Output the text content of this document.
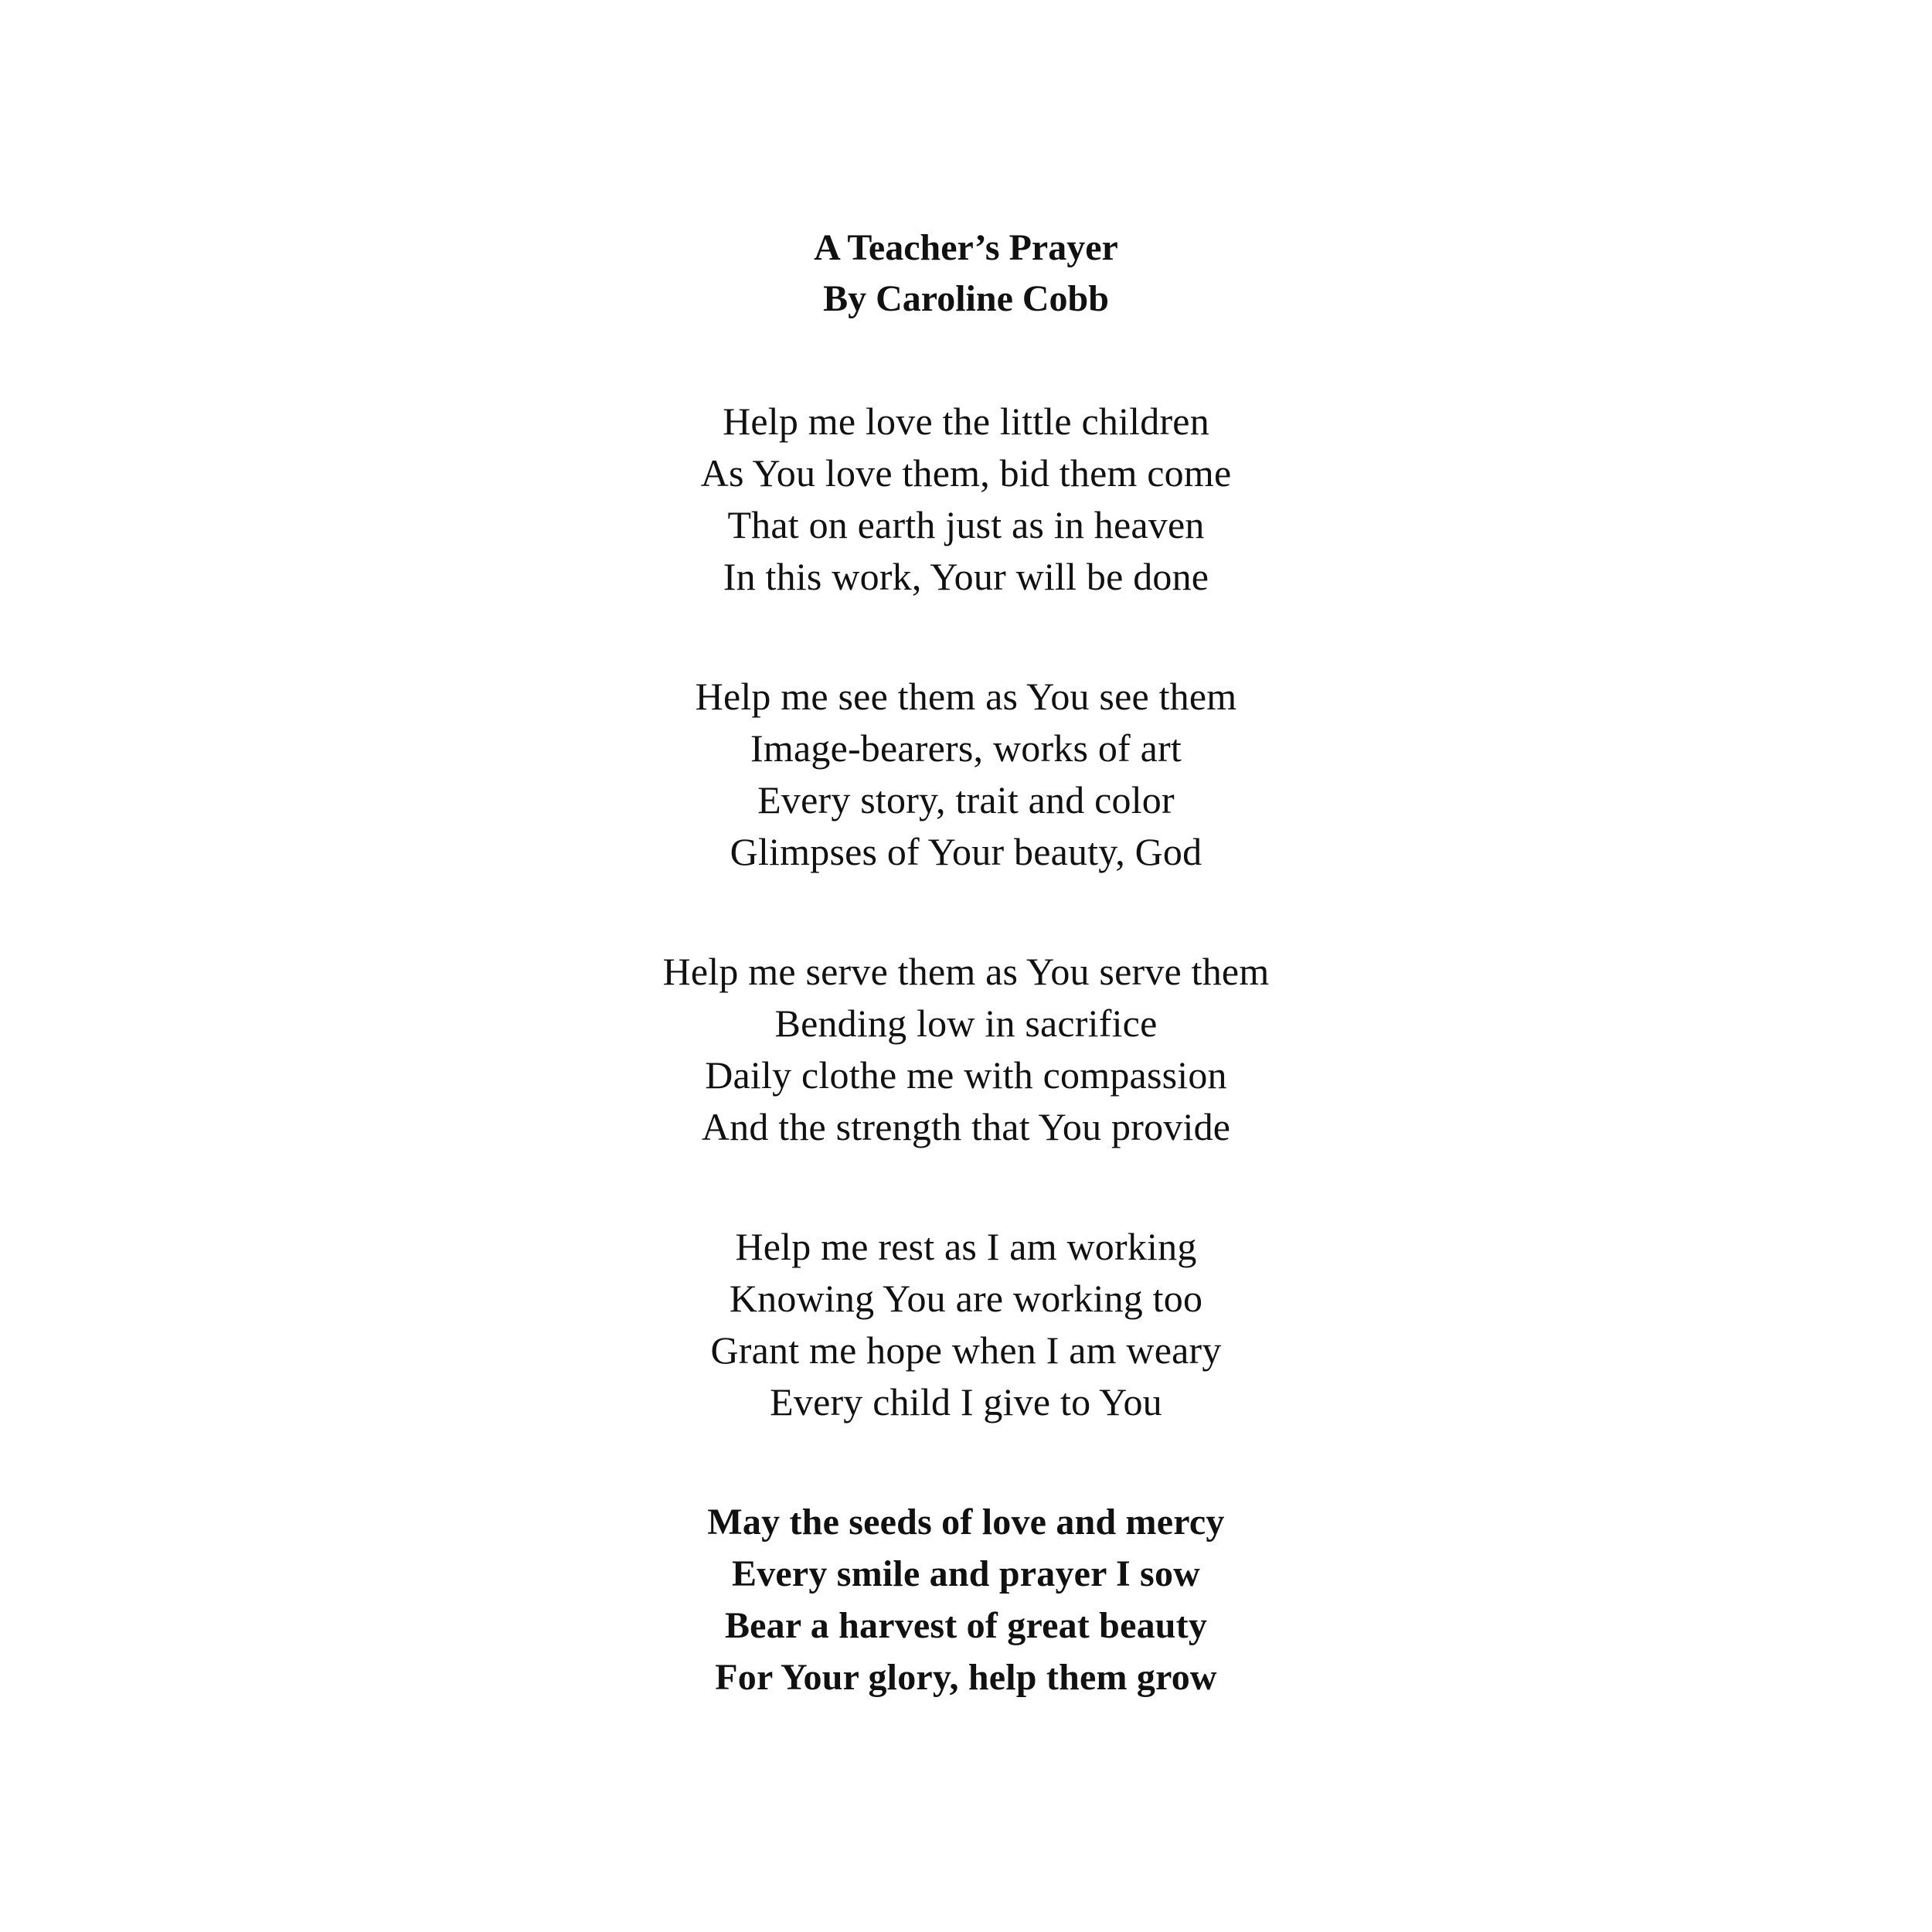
A Teacher’s Prayer
By Caroline Cobb
Help me love the little children
As You love them, bid them come
That on earth just as in heaven
In this work, Your will be done
Help me see them as You see them
Image-bearers, works of art
Every story, trait and color
Glimpses of Your beauty, God
Help me serve them as You serve them
Bending low in sacrifice
Daily clothe me with compassion
And the strength that You provide
Help me rest as I am working
Knowing You are working too
Grant me hope when I am weary
Every child I give to You
May the seeds of love and mercy
Every smile and prayer I sow
Bear a harvest of great beauty
For Your glory, help them grow
